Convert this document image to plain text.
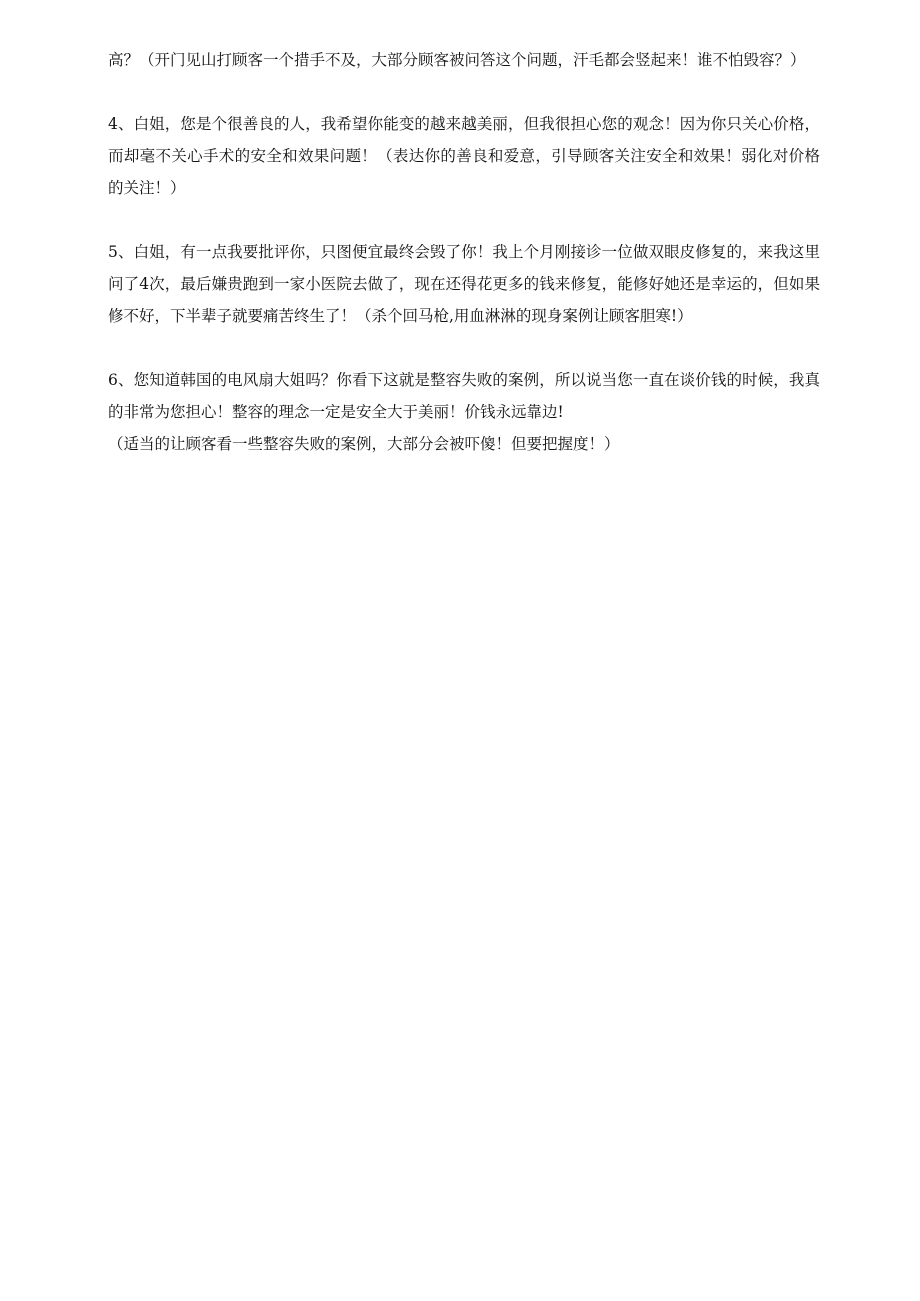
高？（开门见山打顾客一个措手不及，大部分顾客被问答这个问题，汗毛都会竖起来！谁不怕毁容？）

4、白姐，您是个很善良的人，我希望你能变的越来越美丽，但我很担心您的观念！因为你只关心价格，而却毫不关心手术的安全和效果问题！（表达你的善良和爱意，引导顾客关注安全和效果！弱化对价格的关注！）

5、白姐，有一点我要批评你，只图便宜最终会毁了你！我上个月刚接诊一位做双眼皮修复的，来我这里问了4次，最后嫌贵跑到一家小医院去做了，现在还得花更多的钱来修复，能修好她还是幸运的，但如果修不好，下半辈子就要痛苦终生了！（杀个回马枪,用血淋淋的现身案例让顾客胆寒!）

6、您知道韩国的电风扇大姐吗？你看下这就是整容失败的案例，所以说当您一直在谈价钱的时候，我真的非常为您担心！整容的理念一定是安全大于美丽！价钱永远靠边!
（适当的让顾客看一些整容失败的案例，大部分会被吓傻！但要把握度！）
